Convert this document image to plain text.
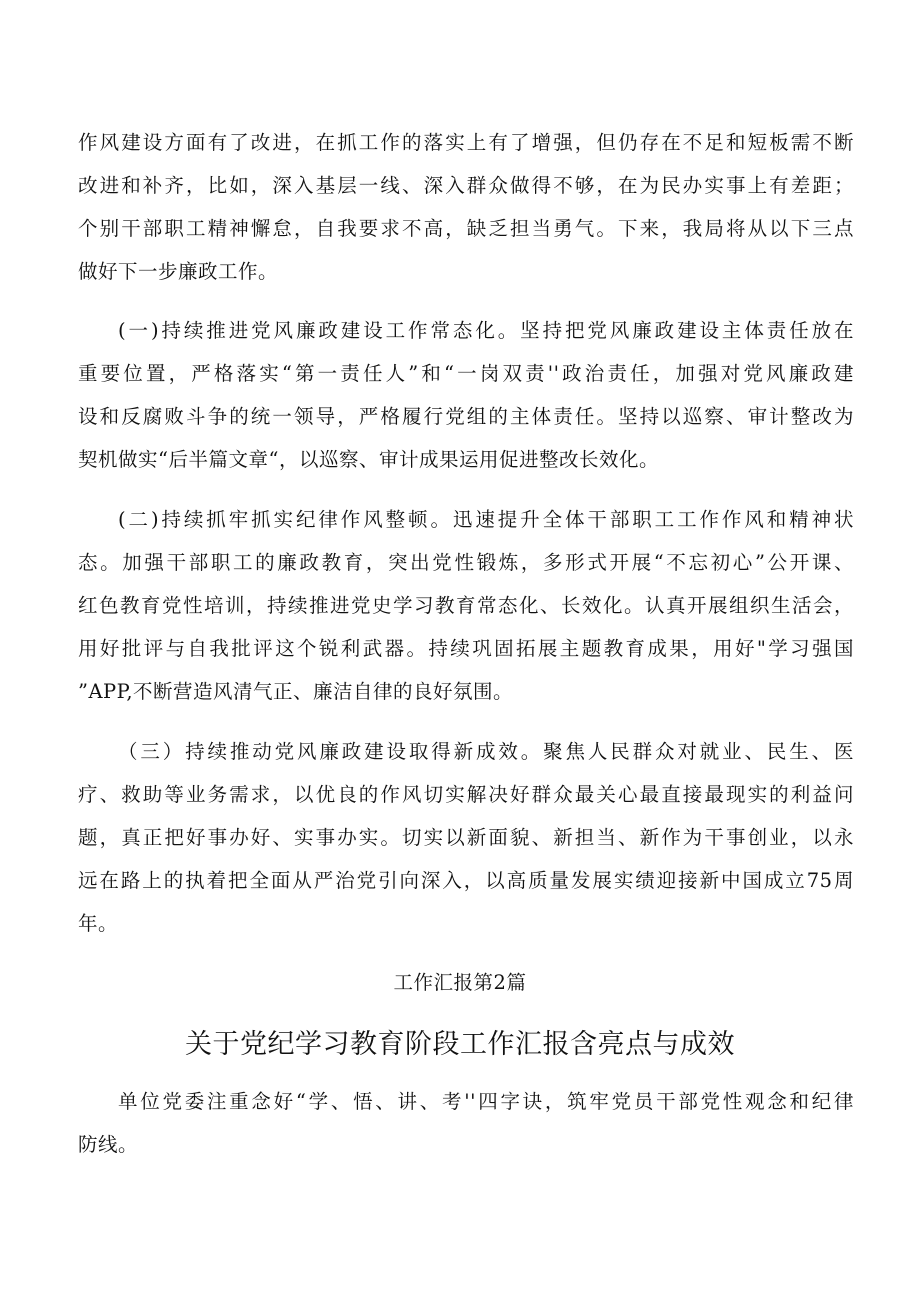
作风建设方面有了改进，在抓工作的落实上有了增强，但仍存在不足和短板需不断
改进和补齐，比如，深入基层一线、深入群众做得不够，在为民办实事上有差距；
个别干部职工精神懈怠，自我要求不高，缺乏担当勇气。下来，我局将从以下三点
做好下一步廉政工作。
(一)持续推进党风廉政建设工作常态化。坚持把党风廉政建设主体责任放在
重要位置，严格落实“第一责任人”和“一岗双责''政治责任，加强对党风廉政建
设和反腐败斗争的统一领导，严格履行党组的主体责任。坚持以巡察、审计整改为
契机做实“后半篇文章“，以巡察、审计成果运用促进整改长效化。
(二)持续抓牢抓实纪律作风整顿。迅速提升全体干部职工工作作风和精神状
态。加强干部职工的廉政教育，突出党性锻炼，多形式开展“不忘初心”公开课、
红色教育党性培训，持续推进党史学习教育常态化、长效化。认真开展组织生活会，
用好批评与自我批评这个锐利武器。持续巩固拓展主题教育成果，用好"学习强国
”APP,不断营造风清气正、廉洁自律的良好氛围。
（三）持续推动党风廉政建设取得新成效。聚焦人民群众对就业、民生、医
疗、救助等业务需求，以优良的作风切实解决好群众最关心最直接最现实的利益问
题，真正把好事办好、实事办实。切实以新面貌、新担当、新作为干事创业，以永
远在路上的执着把全面从严治党引向深入，以高质量发展实绩迎接新中国成立75周
年。
工作汇报第2篇
关于党纪学习教育阶段工作汇报含亮点与成效
单位党委注重念好“学、悟、讲、考''四字诀，筑牢党员干部党性观念和纪律
防线。
